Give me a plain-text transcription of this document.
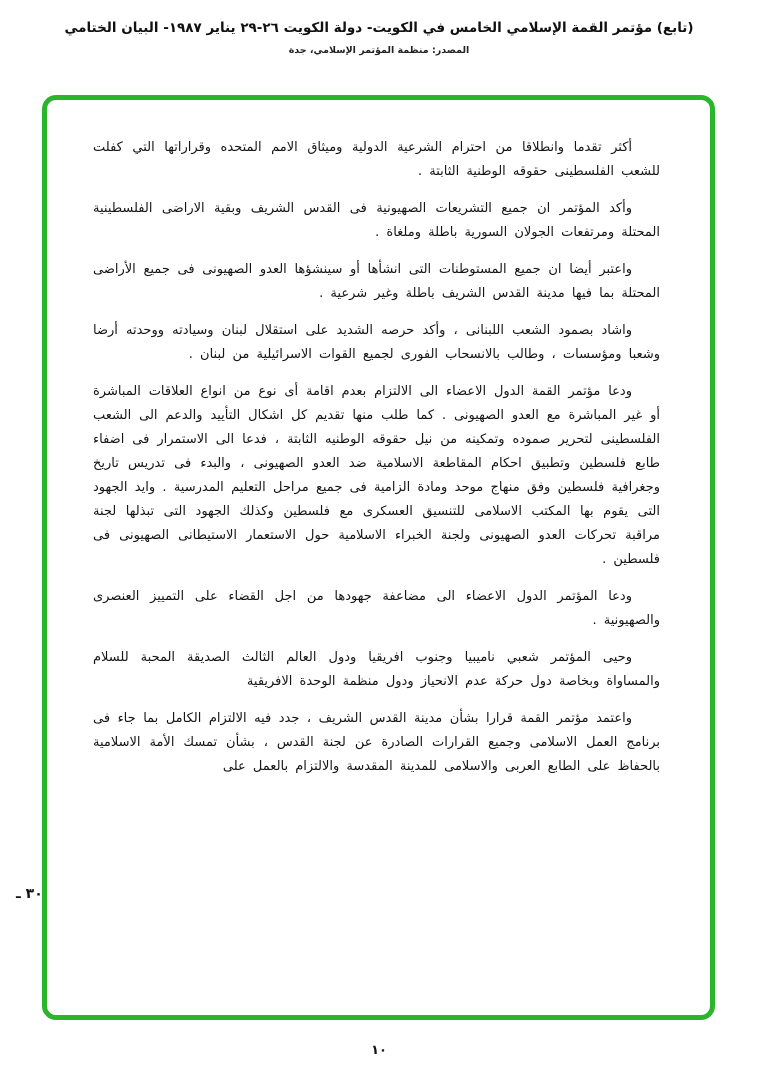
(تابع) مؤتمر القمة الإسلامي الخامس في الكويت- دولة الكويت ٢٦-٢٩ يناير ١٩٨٧- البيان الختامي
المصدر: منظمة المؤتمر الإسلامي، جدة

أكثر تقدما وانطلاقا من احترام الشرعية الدولية وميثاق الامم المتحده وقراراتها التي كفلت للشعب الفلسطينى حقوقه الوطنية الثابتة .

وأكد المؤتمر ان جميع التشريعات الصهيونية فى القدس الشريف وبقية الاراضى الفلسطينية المحتلة ومرتفعات الجولان السورية باطلة وملغاة .

واعتبر أيضا ان جميع المستوطنات التى انشأها أو سينشؤها العدو الصهيونى فى جميع الأراضى المحتلة بما فيها مدينة القدس الشريف باطلة وغير شرعية .

واشاد بصمود الشعب اللبنانى ، وأكد حرصه الشديد على استقلال لبنان وسيادته ووحدته أرضا وشعبا ومؤسسات ، وطالب بالانسحاب الفورى لجميع القوات الاسرائيلية من لبنان .

ودعا مؤتمر القمة الدول الاعضاء الى الالتزام بعدم اقامة أى نوع من انواع العلاقات المباشرة أو غير المباشرة مع العدو الصهيونى . كما طلب منها تقديم كل اشكال التأييد والدعم الى الشعب الفلسطينى لتحرير صموده وتمكينه من نيل حقوقه الوطنيه الثابتة ، فدعا الى الاستمرار فى اضفاء طابع فلسطين وتطبيق احكام المقاطعة الاسلامية ضد العدو الصهيونى ، والبدء فى تدريس تاريخ وجغرافية فلسطين وفق منهاج موحد ومادة الزامية فى جميع مراحل التعليم المدرسية . وايد الجهود التى يقوم بها المكتب الاسلامى للتنسيق العسكرى مع فلسطين وكذلك الجهود التى تبذلها لجنة مراقبة تحركات العدو الصهيونى ولجنة الخبراء الاسلامية حول الاستعمار الاستيطانى الصهيونى فى فلسطين .

ودعا المؤتمر الدول الاعضاء الى مضاعفة جهودها من اجل القضاء على التمييز العنصرى والصهيونية .

وحيى المؤتمر شعبي ناميبيا وجنوب افريقيا ودول العالم الثالث الصديقة المحبة للسلام والمساواة وبخاصة دول حركة عدم الانحياز ودول منظمة الوحدة الافريقية

واعتمد مؤتمر القمة قرارا بشأن مدينة القدس الشريف ، جدد فيه الالتزام الكامل بما جاء فى برنامج العمل الاسلامى وجميع القرارات الصادرة عن لجنة القدس ، بشأن تمسك الأمة الاسلامية بالحفاظ على الطابع العربى والاسلامى للمدينة المقدسة والالتزام بالعمل على

٣٠ ـ
١٠
